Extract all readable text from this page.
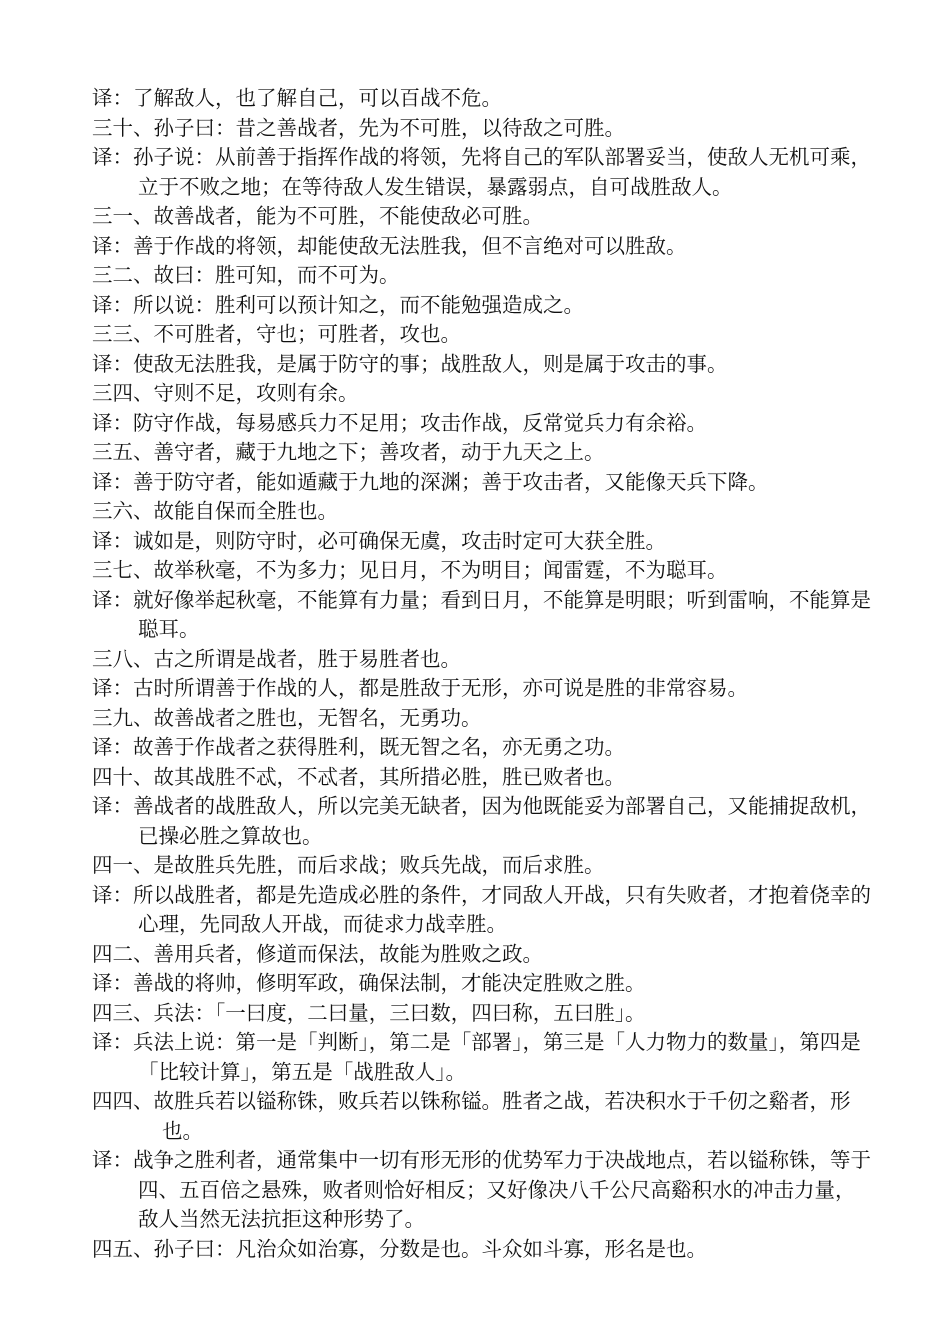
译：了解敌人，也了解自己，可以百战不危。

三十、孙子曰：昔之善战者，先为不可胜，以待敌之可胜。

译：孙子说：从前善于指挥作战的将领，先将自己的军队部署妥当，使敌人无机可乘，立于不败之地；在等待敌人发生错误，暴露弱点，自可战胜敌人。

三一、故善战者，能为不可胜，不能使敌必可胜。

译：善于作战的将领，却能使敌无法胜我，但不言绝对可以胜敌。

三二、故曰：胜可知，而不可为。

译：所以说：胜利可以预计知之，而不能勉强造成之。

三三、不可胜者，守也；可胜者，攻也。

译：使敌无法胜我，是属于防守的事；战胜敌人，则是属于攻击的事。

三四、守则不足，攻则有余。

译：防守作战，每易感兵力不足用；攻击作战，反常觉兵力有余裕。

三五、善守者，藏于九地之下；善攻者，动于九天之上。

译：善于防守者，能如遁藏于九地的深渊；善于攻击者，又能像天兵下降。

三六、故能自保而全胜也。

译：诚如是，则防守时，必可确保无虞，攻击时定可大获全胜。

三七、故举秋毫，不为多力；见日月，不为明目；闻雷霆，不为聪耳。

译：就好像举起秋毫，不能算有力量；看到日月，不能算是明眼；听到雷响，不能算是聪耳。

三八、古之所谓是战者，胜于易胜者也。

译：古时所谓善于作战的人，都是胜敌于无形，亦可说是胜的非常容易。

三九、故善战者之胜也，无智名，无勇功。

译：故善于作战者之获得胜利，既无智之名，亦无勇之功。

四十、故其战胜不忒，不忒者，其所措必胜，胜已败者也。

译：善战者的战胜敌人，所以完美无缺者，因为他既能妥为部署自己，又能捕捉敌机，已操必胜之算故也。

四一、是故胜兵先胜，而后求战；败兵先战，而后求胜。

译：所以战胜者，都是先造成必胜的条件，才同敌人开战，只有失败者，才抱着侥幸的心理，先同敌人开战，而徒求力战幸胜。

四二、善用兵者，修道而保法，故能为胜败之政。

译：善战的将帅，修明军政，确保法制，才能决定胜败之胜。

四三、兵法：「一曰度，二曰量，三曰数，四曰称，五曰胜」。

译：兵法上说：第一是「判断」，第二是「部署」，第三是「人力物力的数量」，第四是「比较计算」，第五是「战胜敌人」。

四四、故胜兵若以镒称铢，败兵若以铢称镒。胜者之战，若决积水于千仞之谿者，形也。

译：战争之胜利者，通常集中一切有形无形的优势军力于决战地点，若以镒称铢，等于四、五百倍之悬殊，败者则恰好相反；又好像决八千公尺高谿积水的冲击力量，敌人当然无法抗拒这种形势了。

四五、孙子曰：凡治众如治寡，分数是也。斗众如斗寡，形名是也。
